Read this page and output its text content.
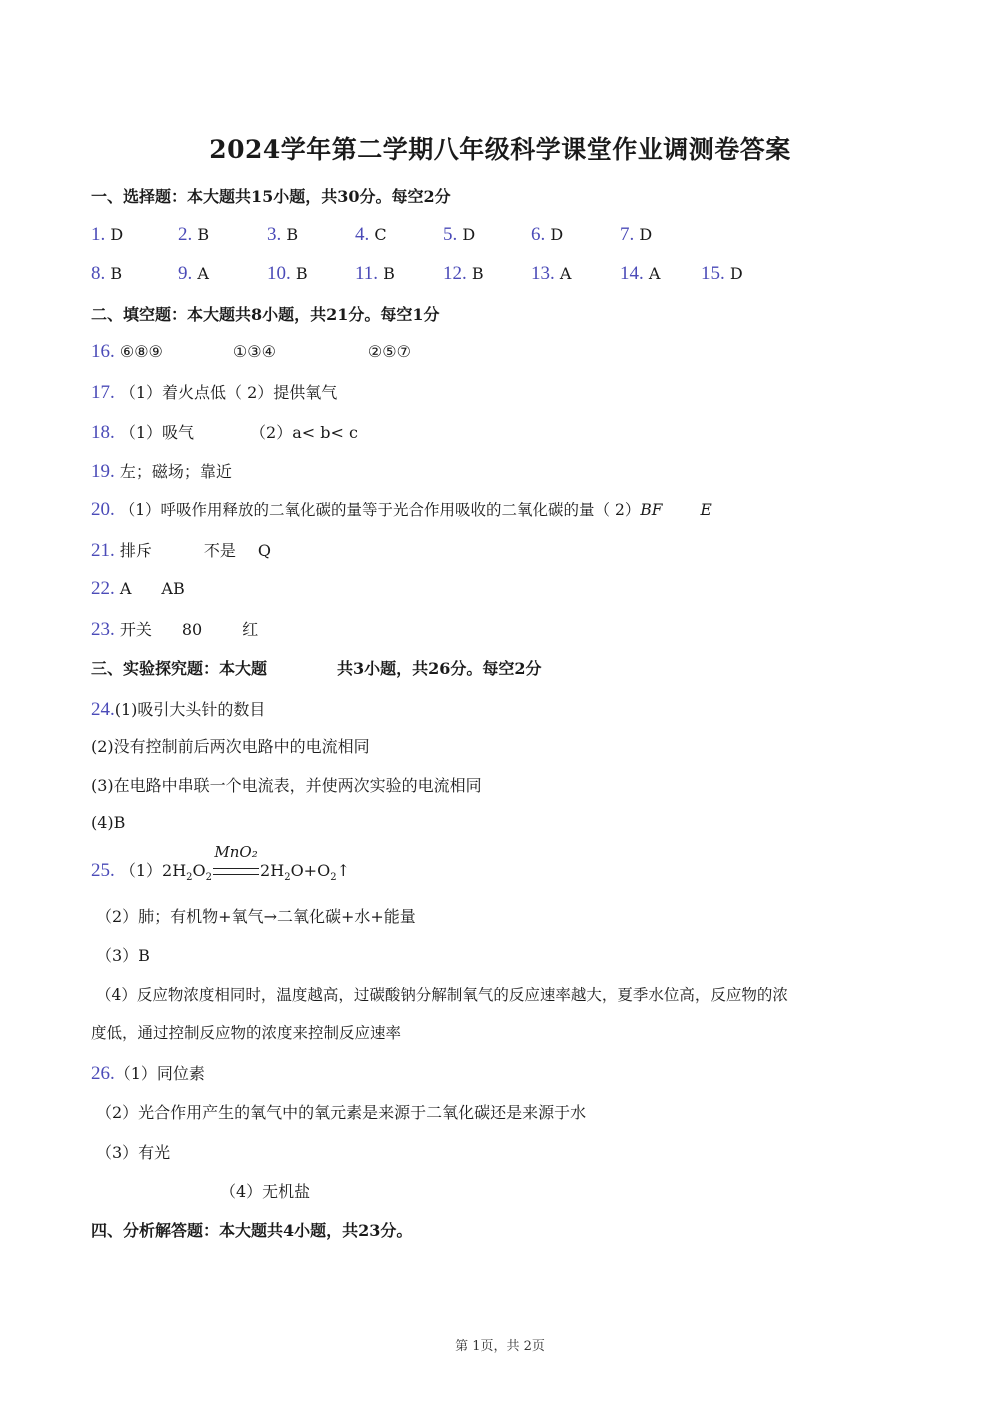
2024学年第二学期八年级科学课堂作业调测卷答案
一、选择题：本大题共15小题，共30分。每空2分
1. D	2. B	3. B	4. C	5. D	6. D	7. D
8. B	9. A	10. B 11. B	12. B 13. A	14. A 15. D
二、填空题：本大题共8小题，共21分。每空1分
16. ⑥⑧⑨	①③④	②⑤⑦
17. （1）着火点低（ 2）提供氧气
18. （1）吸气	（2）a< b< c
19. 左；磁场；靠近
20. （1）呼吸作用释放的二氧化碳的量等于光合作用吸收的二氧化碳的量（ 2）BF E
21. 排斥	不是 Q
22. A AB
23. 开关 80	红
三、实验探究题：本大题	共3小题，共26分。每空2分
24.(1)吸引大头针的数目
(2)没有控制前后两次电路中的电流相同
(3)在电路中串联一个电流表，并使两次实验的电流相同
(4)B
25. $(1)2H_2O_2$
MnO₂
$2H_2O+O_2↑$
（2）肺；有机物+氧气→二氧化碳+水+能量
（3）B
（4）反应物浓度相同时，温度越高，过碳酸钠分解制氧气的反应速率越大，夏季水位高，反应物的浓
度低，通过控制反应物的浓度来控制反应速率
26.（1）同位素
（2）光合作用产生的氧气中的氧元素是来源于二氧化碳还是来源于水
（3）有光
（4）无机盐
四、分析解答题：本大题共4小题，共23分。
第 1页，共 2页
